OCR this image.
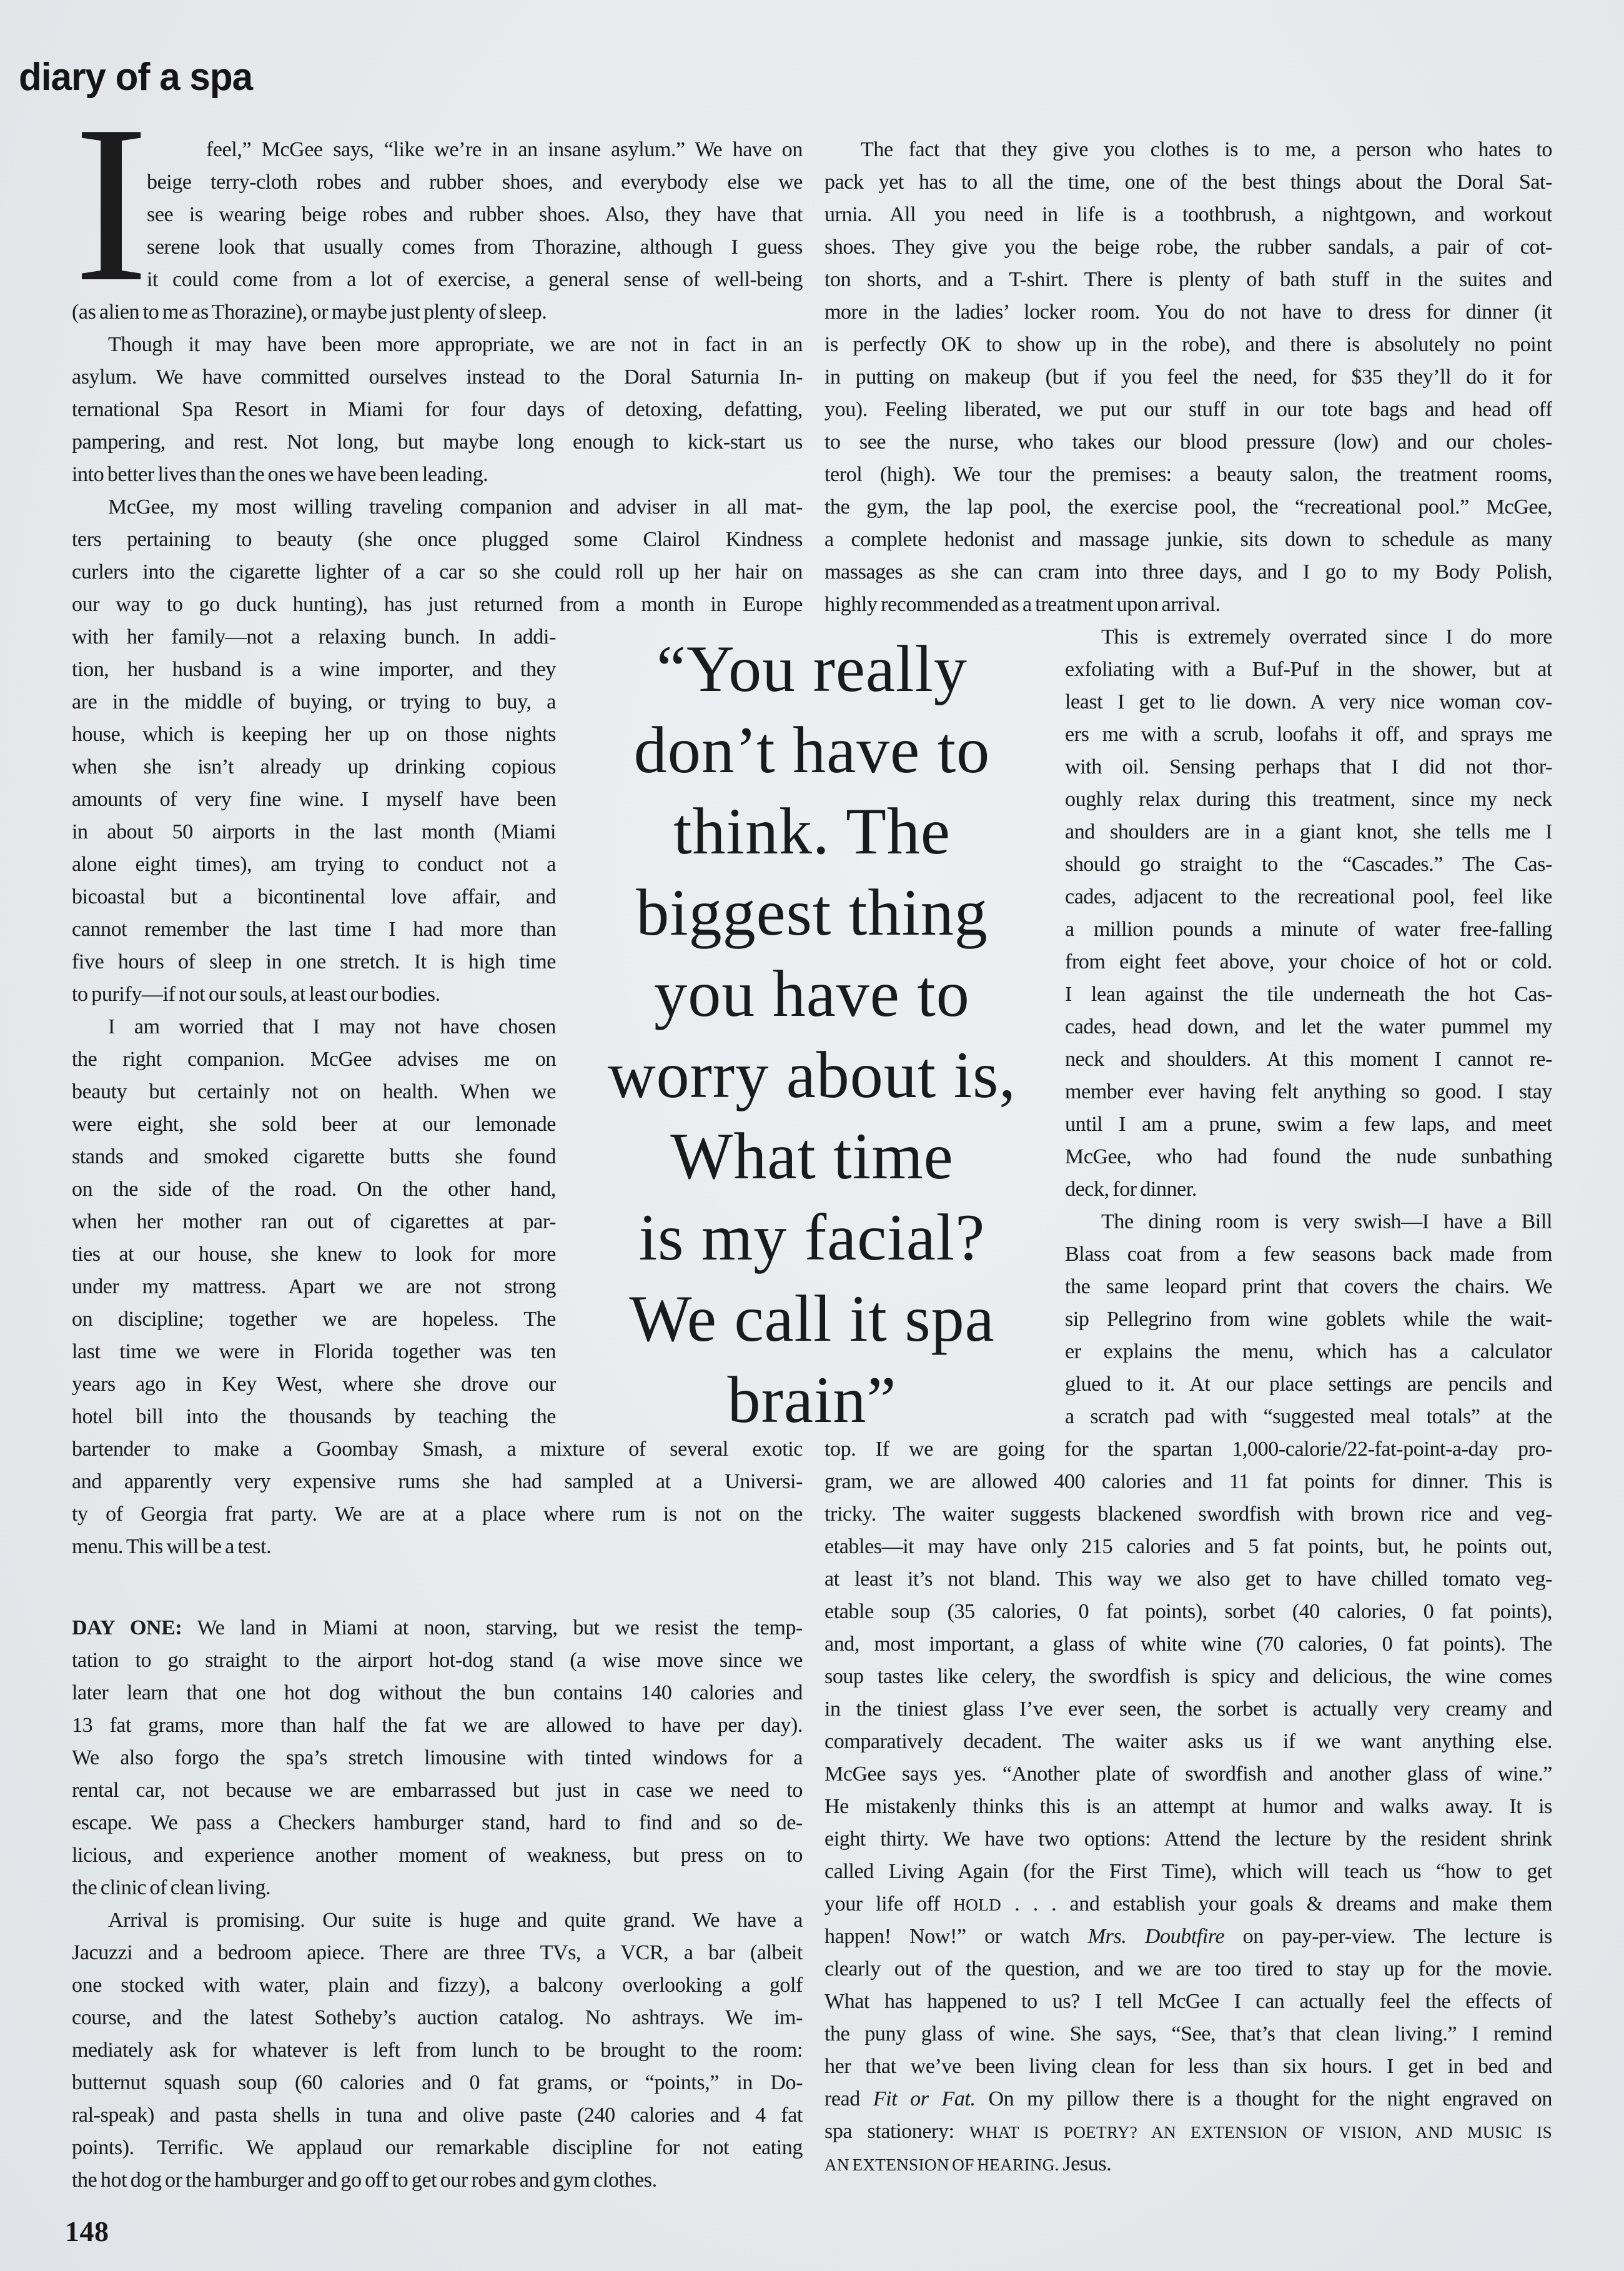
diary of a spa
I
“You really
don’t have to
think. The
biggest thing
you have to
worry about is,
What time
is my facial?
We call it spa
brain”
feel,” McGee says, “like we’re in an insane asylum.” We have on
beige terry-cloth robes and rubber shoes, and everybody else we
see is wearing beige robes and rubber shoes. Also, they have that
serene look that usually comes from Thorazine, although I guess
it could come from a lot of exercise, a general sense of well-being
(as alien to me as Thorazine), or maybe just plenty of sleep.
Though it may have been more appropriate, we are not in fact in an
asylum. We have committed ourselves instead to the Doral Saturnia In-
ternational Spa Resort in Miami for four days of detoxing, defatting,
pampering, and rest. Not long, but maybe long enough to kick-start us
into better lives than the ones we have been leading.
McGee, my most willing traveling companion and adviser in all mat-
ters pertaining to beauty (she once plugged some Clairol Kindness
curlers into the cigarette lighter of a car so she could roll up her hair on
our way to go duck hunting), has just returned from a month in Europe
with her family—not a relaxing bunch. In addi-
tion, her husband is a wine importer, and they
are in the middle of buying, or trying to buy, a
house, which is keeping her up on those nights
when she isn’t already up drinking copious
amounts of very fine wine. I myself have been
in about 50 airports in the last month (Miami
alone eight times), am trying to conduct not a
bicoastal but a bicontinental love affair, and
cannot remember the last time I had more than
five hours of sleep in one stretch. It is high time
to purify—if not our souls, at least our bodies.
I am worried that I may not have chosen
the right companion. McGee advises me on
beauty but certainly not on health. When we
were eight, she sold beer at our lemonade
stands and smoked cigarette butts she found
on the side of the road. On the other hand,
when her mother ran out of cigarettes at par-
ties at our house, she knew to look for more
under my mattress. Apart we are not strong
on discipline; together we are hopeless. The
last time we were in Florida together was ten
years ago in Key West, where she drove our
hotel bill into the thousands by teaching the
bartender to make a Goombay Smash, a mixture of several exotic
and apparently very expensive rums she had sampled at a Universi-
ty of Georgia frat party. We are at a place where rum is not on the
menu. This will be a test.
DAY ONE: We land in Miami at noon, starving, but we resist the temp-
tation to go straight to the airport hot-dog stand (a wise move since we
later learn that one hot dog without the bun contains 140 calories and
13 fat grams, more than half the fat we are allowed to have per day).
We also forgo the spa’s stretch limousine with tinted windows for a
rental car, not because we are embarrassed but just in case we need to
escape. We pass a Checkers hamburger stand, hard to find and so de-
licious, and experience another moment of weakness, but press on to
the clinic of clean living.
Arrival is promising. Our suite is huge and quite grand. We have a
Jacuzzi and a bedroom apiece. There are three TVs, a VCR, a bar (albeit
one stocked with water, plain and fizzy), a balcony overlooking a golf
course, and the latest Sotheby’s auction catalog. No ashtrays. We im-
mediately ask for whatever is left from lunch to be brought to the room:
butternut squash soup (60 calories and 0 fat grams, or “points,” in Do-
ral-speak) and pasta shells in tuna and olive paste (240 calories and 4 fat
points). Terrific. We applaud our remarkable discipline for not eating
the hot dog or the hamburger and go off to get our robes and gym clothes.
The fact that they give you clothes is to me, a person who hates to
pack yet has to all the time, one of the best things about the Doral Sat-
urnia. All you need in life is a toothbrush, a nightgown, and workout
shoes. They give you the beige robe, the rubber sandals, a pair of cot-
ton shorts, and a T-shirt. There is plenty of bath stuff in the suites and
more in the ladies’ locker room. You do not have to dress for dinner (it
is perfectly OK to show up in the robe), and there is absolutely no point
in putting on makeup (but if you feel the need, for $35 they’ll do it for
you). Feeling liberated, we put our stuff in our tote bags and head off
to see the nurse, who takes our blood pressure (low) and our choles-
terol (high). We tour the premises: a beauty salon, the treatment rooms,
the gym, the lap pool, the exercise pool, the “recreational pool.” McGee,
a complete hedonist and massage junkie, sits down to schedule as many
massages as she can cram into three days, and I go to my Body Polish,
highly recommended as a treatment upon arrival.
This is extremely overrated since I do more
exfoliating with a Buf-Puf in the shower, but at
least I get to lie down. A very nice woman cov-
ers me with a scrub, loofahs it off, and sprays me
with oil. Sensing perhaps that I did not thor-
oughly relax during this treatment, since my neck
and shoulders are in a giant knot, she tells me I
should go straight to the “Cascades.” The Cas-
cades, adjacent to the recreational pool, feel like
a million pounds a minute of water free-falling
from eight feet above, your choice of hot or cold.
I lean against the tile underneath the hot Cas-
cades, head down, and let the water pummel my
neck and shoulders. At this moment I cannot re-
member ever having felt anything so good. I stay
until I am a prune, swim a few laps, and meet
McGee, who had found the nude sunbathing
deck, for dinner.
The dining room is very swish—I have a Bill
Blass coat from a few seasons back made from
the same leopard print that covers the chairs. We
sip Pellegrino from wine goblets while the wait-
er explains the menu, which has a calculator
glued to it. At our place settings are pencils and
a scratch pad with “suggested meal totals” at the
top. If we are going for the spartan 1,000-calorie/22-fat-point-a-day pro-
gram, we are allowed 400 calories and 11 fat points for dinner. This is
tricky. The waiter suggests blackened swordfish with brown rice and veg-
etables—it may have only 215 calories and 5 fat points, but, he points out,
at least it’s not bland. This way we also get to have chilled tomato veg-
etable soup (35 calories, 0 fat points), sorbet (40 calories, 0 fat points),
and, most important, a glass of white wine (70 calories, 0 fat points). The
soup tastes like celery, the swordfish is spicy and delicious, the wine comes
in the tiniest glass I’ve ever seen, the sorbet is actually very creamy and
comparatively decadent. The waiter asks us if we want anything else.
McGee says yes. “Another plate of swordfish and another glass of wine.”
He mistakenly thinks this is an attempt at humor and walks away. It is
eight thirty. We have two options: Attend the lecture by the resident shrink
called Living Again (for the First Time), which will teach us “how to get
your life off HOLD . . . and establish your goals & dreams and make them
happen! Now!” or watch Mrs. Doubtfire on pay-per-view. The lecture is
clearly out of the question, and we are too tired to stay up for the movie.
What has happened to us? I tell McGee I can actually feel the effects of
the puny glass of wine. She says, “See, that’s that clean living.” I remind
her that we’ve been living clean for less than six hours. I get in bed and
read Fit or Fat. On my pillow there is a thought for the night engraved on
spa stationery: WHAT IS POETRY? AN EXTENSION OF VISION, AND MUSIC IS
AN EXTENSION OF HEARING. Jesus.
148
